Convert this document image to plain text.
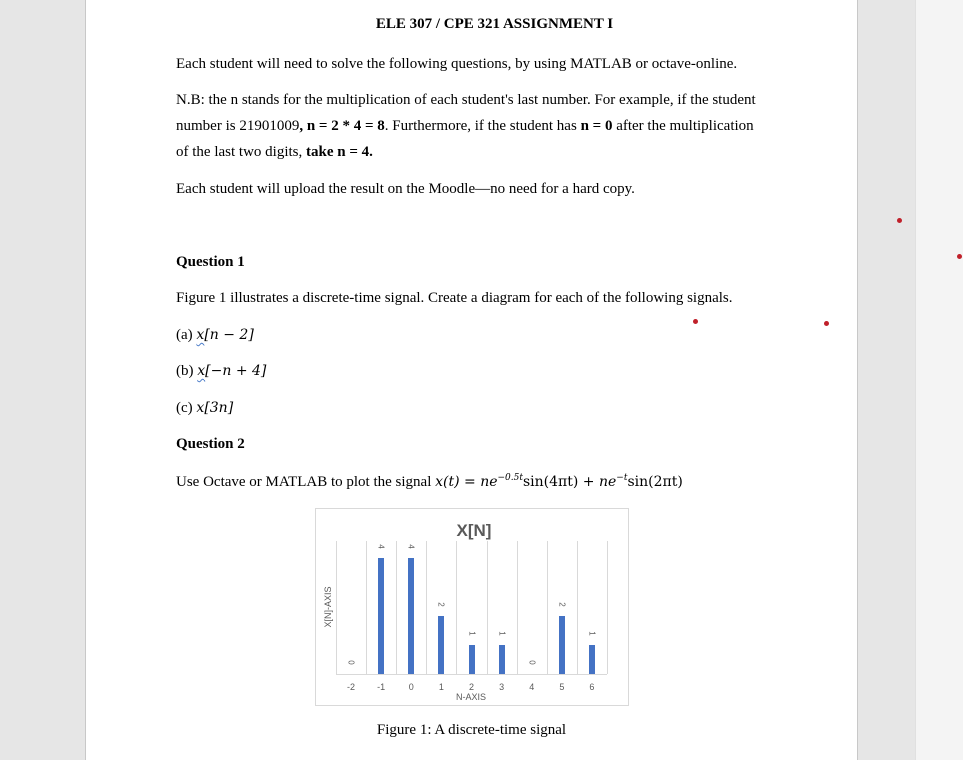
ELE 307 / CPE 321 ASSIGNMENT I
Each student will need to solve the following questions, by using MATLAB or octave-online.
N.B: the n stands for the multiplication of each student's last number. For example, if the student
number is 21901009, n = 2 * 4 = 8. Furthermore, if the student has n = 0 after the multiplication
of the last two digits, take n = 4.
Each student will upload the result on the Moodle—no need for a hard copy.
Question 1
Figure 1 illustrates a discrete-time signal. Create a diagram for each of the following signals.
(a) x[n − 2]
(b) x[−n + 4]
(c) x[3n]
Question 2
Use Octave or MATLAB to plot the signal $x(t) = ne^{-0.5t}\sin(4\pi t) + ne^{-t}\sin(2\pi t)$
X[N]
X[N]-AXIS
0
-2
4
-1
4
0
2
1
1
2
1
3
0
4
2
5
1
6
N-AXIS
Figure 1: A discrete-time signal
